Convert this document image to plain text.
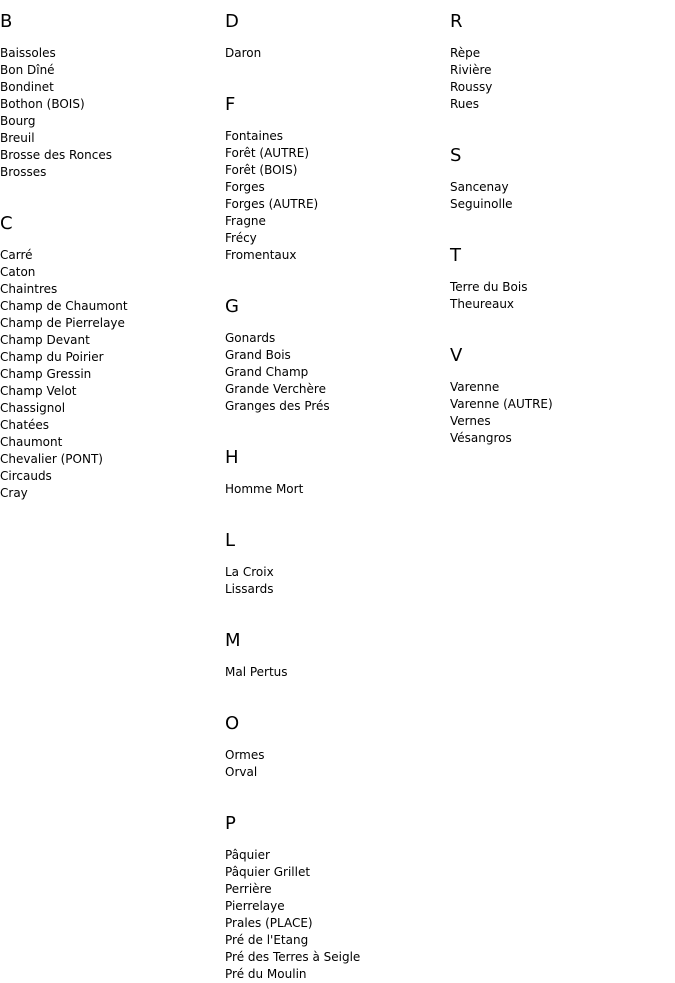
B
Baissoles
Bon Dîné
Bondinet
Bothon (BOIS)
Bourg
Breuil
Brosse des Ronces
Brosses
C
Carré
Caton
Chaintres
Champ de Chaumont
Champ de Pierrelaye
Champ Devant
Champ du Poirier
Champ Gressin
Champ Velot
Chassignol
Chatées
Chaumont
Chevalier (PONT)
Circauds
Cray
D
Daron
F
Fontaines
Forêt (AUTRE)
Forêt (BOIS)
Forges
Forges (AUTRE)
Fragne
Frécy
Fromentaux
G
Gonards
Grand Bois
Grand Champ
Grande Verchère
Granges des Prés
H
Homme Mort
L
La Croix
Lissards
M
Mal Pertus
O
Ormes
Orval
P
Pâquier
Pâquier Grillet
Perrière
Pierrelaye
Prales (PLACE)
Pré de l'Etang
Pré des Terres à Seigle
Pré du Moulin
R
Rèpe
Rivière
Roussy
Rues
S
Sancenay
Seguinolle
T
Terre du Bois
Theureaux
V
Varenne
Varenne (AUTRE)
Vernes
Vésangros
